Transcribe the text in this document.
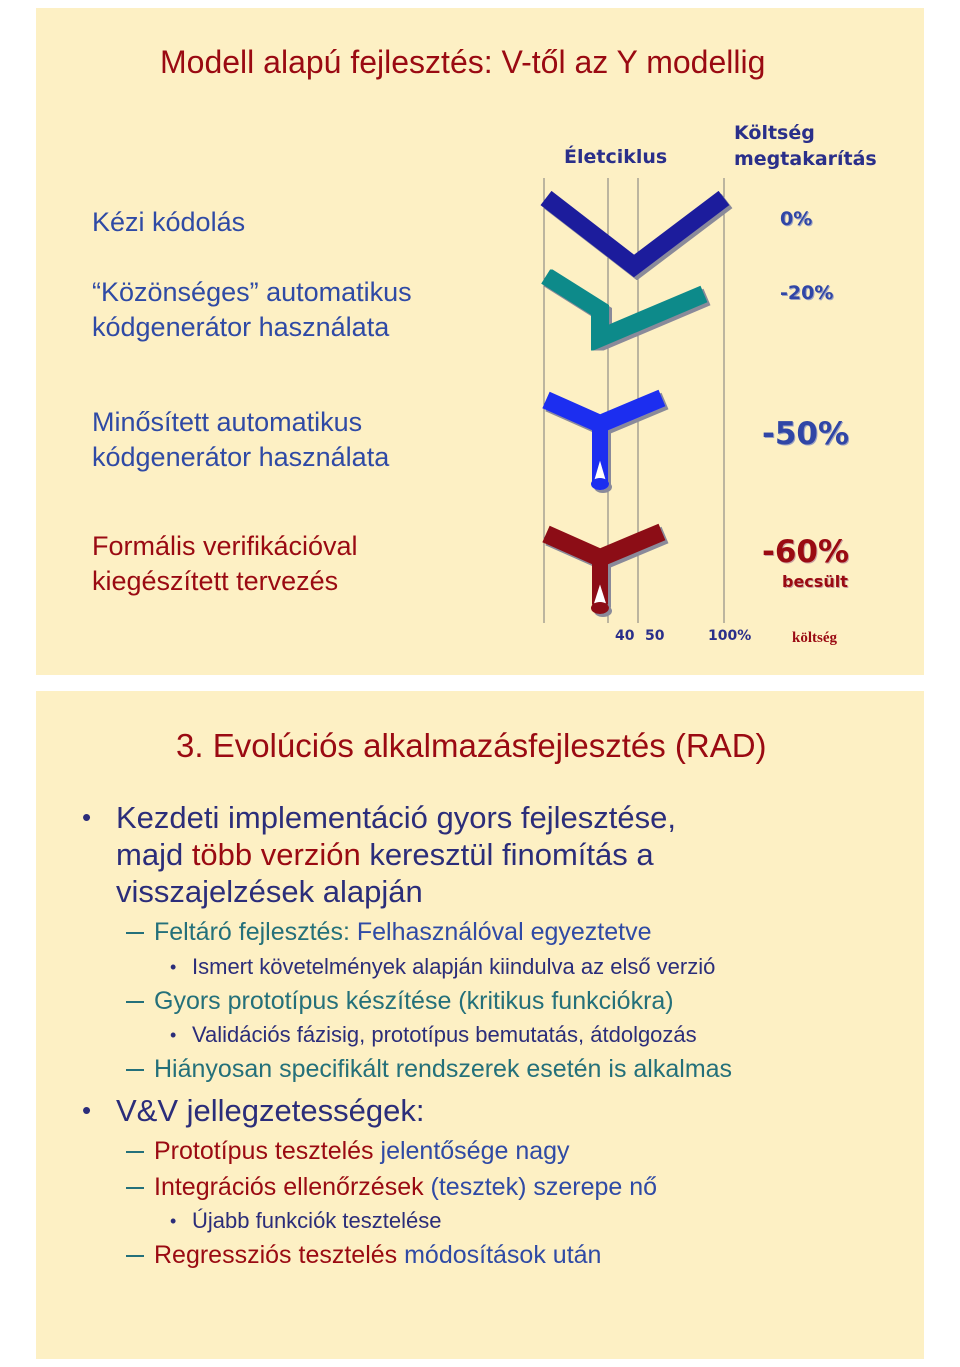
Modell alapú fejlesztés: V-től az Y modellig
Életciklus
Költség
megtakarítás
Kézi kódolás
“Közönséges” automatikus
kódgenerátor használata
Minősített automatikus
kódgenerátor használata
Formális verifikációval
kiegészített tervezés
0%
-20%
-50%
-60%
becsült
40 50	100%	költség
3. Evolúciós alkalmazásfejlesztés (RAD)
• Kezdeti implementáció gyors fejlesztése,
majd több verzión keresztül finomítás a
visszajelzések alapján
Feltáró fejlesztés: Felhasználóval egyeztetve
• Ismert követelmények alapján kiindulva az első verzió
Gyors prototípus készítése (kritikus funkciókra)
• Validációs fázisig, prototípus bemutatás, átdolgozás
Hiányosan specifikált rendszerek esetén is alkalmas
• V&V jellegzetességek:
Prototípus tesztelés jelentősége nagy
Integrációs ellenőrzések (tesztek) szerepe nő
• Újabb funkciók tesztelése
Regressziós tesztelés módosítások után
